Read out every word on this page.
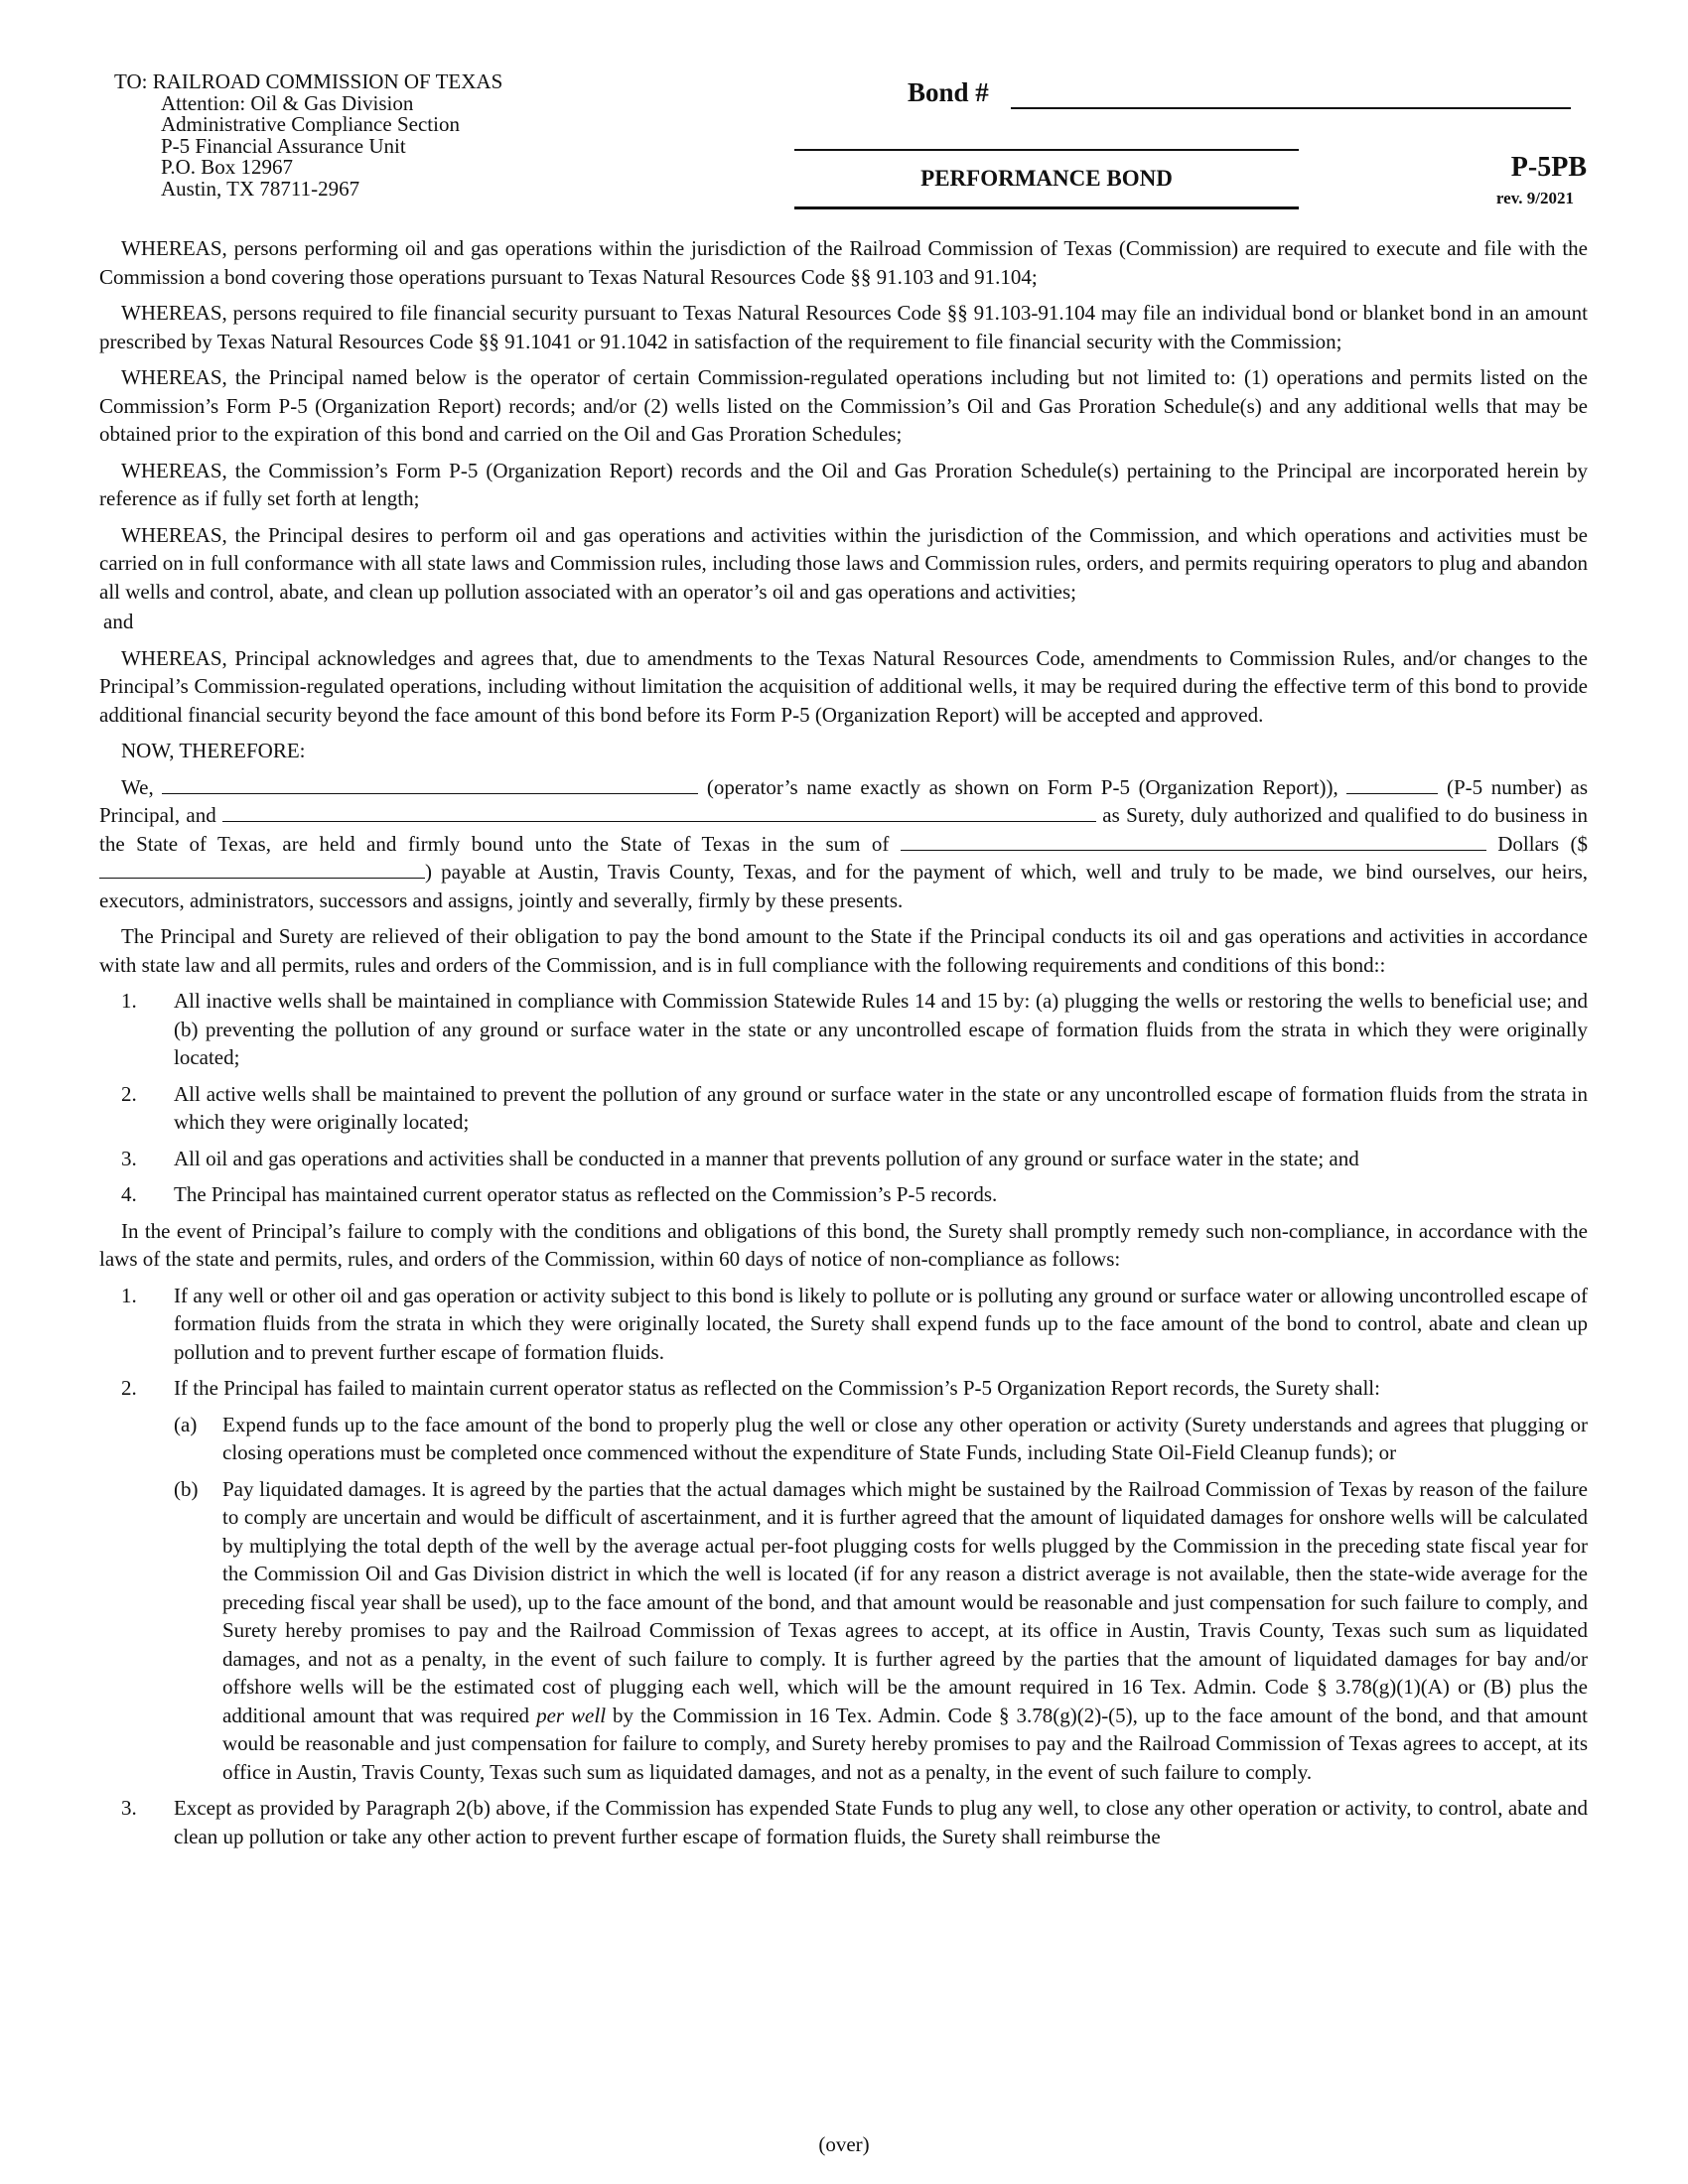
TO: RAILROAD COMMISSION OF TEXAS
Attention: Oil & Gas Division
Administrative Compliance Section
P-5 Financial Assurance Unit
P.O. Box 12967
Austin, TX 78711-2967
Bond #
PERFORMANCE BOND	P-5PB
rev. 9/2021

WHEREAS, persons performing oil and gas operations within the jurisdiction of the Railroad Commission of Texas (Commission) are required to execute and file with the Commission a bond covering those operations pursuant to Texas Natural Resources Code §§ 91.103 and 91.104;

WHEREAS, persons required to file financial security pursuant to Texas Natural Resources Code §§ 91.103-91.104 may file an individual bond or blanket bond in an amount prescribed by Texas Natural Resources Code §§ 91.1041 or 91.1042 in satisfaction of the requirement to file financial security with the Commission;

WHEREAS, the Principal named below is the operator of certain Commission-regulated operations including but not limited to: (1) operations and permits listed on the Commission’s Form P-5 (Organization Report) records; and/or (2) wells listed on the Commission’s Oil and Gas Proration Schedule(s) and any additional wells that may be obtained prior to the expiration of this bond and carried on the Oil and Gas Proration Schedules;

WHEREAS, the Commission’s Form P-5 (Organization Report) records and the Oil and Gas Proration Schedule(s) pertaining to the Principal are incorporated herein by reference as if fully set forth at length;

WHEREAS, the Principal desires to perform oil and gas operations and activities within the jurisdiction of the Commission, and which operations and activities must be carried on in full conformance with all state laws and Commission rules, including those laws and Commission rules, orders, and permits requiring operators to plug and abandon all wells and control, abate, and clean up pollution associated with an operator’s oil and gas operations and activities;

and

WHEREAS, Principal acknowledges and agrees that, due to amendments to the Texas Natural Resources Code, amendments to Commission Rules, and/or changes to the Principal’s Commission-regulated operations, including without limitation the acquisition of additional wells, it may be required during the effective term of this bond to provide additional financial security beyond the face amount of this bond before its Form P-5 (Organization Report) will be accepted and approved.

NOW, THEREFORE:

We,	(operator’s name exactly as shown on Form P-5 (Organization Report)),	(P-5 number) as Principal, and	as Surety, duly authorized and qualified to do business in the State of Texas, are held and firmly bound unto the State of Texas in the sum of	Dollars ($) payable at Austin, Travis County, Texas, and for the payment of which, well and truly to be made, we bind ourselves, our heirs, executors, administrators, successors and assigns, jointly and severally, firmly by these presents.

The Principal and Surety are relieved of their obligation to pay the bond amount to the State if the Principal conducts its oil and gas operations and activities in accordance with state law and all permits, rules and orders of the Commission, and is in full compliance with the following requirements and conditions of this bond::

1. All inactive wells shall be maintained in compliance with Commission Statewide Rules 14 and 15 by: (a) plugging the wells or restoring the wells to beneficial use; and (b) preventing the pollution of any ground or surface water in the state or any uncontrolled escape of formation fluids from the strata in which they were originally located;
2. All active wells shall be maintained to prevent the pollution of any ground or surface water in the state or any uncontrolled escape of formation fluids from the strata in which they were originally located;
3. All oil and gas operations and activities shall be conducted in a manner that prevents pollution of any ground or surface water in the state; and
4. The Principal has maintained current operator status as reflected on the Commission’s P-5 records.

In the event of Principal’s failure to comply with the conditions and obligations of this bond, the Surety shall promptly remedy such non-compliance, in accordance with the laws of the state and permits, rules, and orders of the Commission, within 60 days of notice of non-compliance as follows:

1. If any well or other oil and gas operation or activity subject to this bond is likely to pollute or is polluting any ground or surface water or allowing uncontrolled escape of formation fluids from the strata in which they were originally located, the Surety shall expend funds up to the face amount of the bond to control, abate and clean up pollution and to prevent further escape of formation fluids.
2. If the Principal has failed to maintain current operator status as reflected on the Commission’s P-5 Organization Report records, the Surety shall:
(a) Expend funds up to the face amount of the bond to properly plug the well or close any other operation or activity (Surety understands and agrees that plugging or closing operations must be completed once commenced without the expenditure of State Funds, including State Oil-Field Cleanup funds); or
(b) Pay liquidated damages. It is agreed by the parties that the actual damages which might be sustained by the Railroad Commission of Texas by reason of the failure to comply are uncertain and would be difficult of ascertainment, and it is further agreed that the amount of liquidated damages for onshore wells will be calculated by multiplying the total depth of the well by the average actual per-foot plugging costs for wells plugged by the Commission in the preceding state fiscal year for the Commission Oil and Gas Division district in which the well is located (if for any reason a district average is not available, then the state-wide average for the preceding fiscal year shall be used), up to the face amount of the bond, and that amount would be reasonable and just compensation for such failure to comply, and Surety hereby promises to pay and the Railroad Commission of Texas agrees to accept, at its office in Austin, Travis County, Texas such sum as liquidated damages, and not as a penalty, in the event of such failure to comply. It is further agreed by the parties that the amount of liquidated damages for bay and/or offshore wells will be the estimated cost of plugging each well, which will be the amount required in 16 Tex. Admin. Code § 3.78(g)(1)(A) or (B) plus the additional amount that was required per well by the Commission in 16 Tex. Admin. Code § 3.78(g)(2)-(5), up to the face amount of the bond, and that amount would be reasonable and just compensation for failure to comply, and Surety hereby promises to pay and the Railroad Commission of Texas agrees to accept, at its office in Austin, Travis County, Texas such sum as liquidated damages, and not as a penalty, in the event of such failure to comply.
3. Except as provided by Paragraph 2(b) above, if the Commission has expended State Funds to plug any well, to close any other operation or activity, to control, abate and clean up pollution or take any other action to prevent further escape of formation fluids, the Surety shall reimburse the
(over)
